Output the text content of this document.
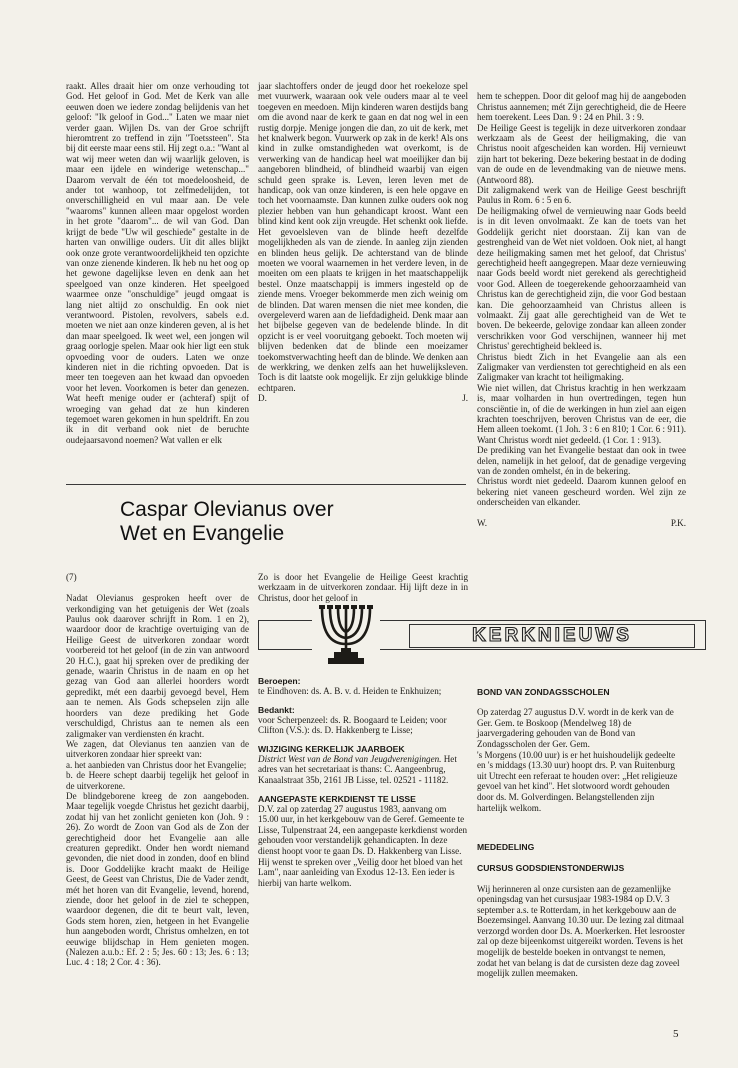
raakt. Alles draait hier om onze verhouding tot God. Het geloof in God. Met de Kerk van alle eeuwen doen we iedere zondag belijdenis van het geloof: "Ik geloof in God..." Laten we maar niet verder gaan. Wijlen Ds. van der Groe schrijft hieromtrent zo treffend in zijn "Toetssteen". Sta bij dit eerste maar eens stil. Hij zegt o.a.: "Want al wat wij meer weten dan wij waarlijk geloven, is maar een ijdele en winderige wetenschap..." Daarom vervalt de één tot moedeloosheid, de ander tot wanhoop, tot zelfmedelijden, tot onverschilligheid en vul maar aan. De vele "waaroms" kunnen alleen maar opgelost worden in het grote "daarom"... de wil van God. Dan krijgt de bede "Uw wil geschiede" gestalte in de harten van onwillige ouders. Uit dit alles blijkt ook onze grote verantwoordelijkheid ten opzichte van onze zienende kinderen. Ik heb nu het oog op het gewone dagelijkse leven en denk aan het speelgoed van onze kinderen. Het speelgoed waarmee onze "onschuldige" jeugd omgaat is lang niet altijd zo onschuldig. En ook niet verantwoord. Pistolen, revolvers, sabels e.d. moeten we niet aan onze kinderen geven, al is het dan maar speelgoed. Ik weet wel, een jongen wil graag oorlogje spelen. Maar ook hier ligt een stuk opvoeding voor de ouders. Laten we onze kinderen niet in die richting opvoeden. Dat is meer ten toegeven aan het kwaad dan opvoeden voor het leven. Voorkomen is beter dan genezen. Wat heeft menige ouder er (achteraf) spijt of wroeging van gehad dat ze hun kinderen tegemoet waren gekomen in hun speldrift. En zou ik in dit verband ook niet de beruchte oudejaarsavond noemen? Wat vallen er elk

jaar slachtoffers onder de jeugd door het roekeloze spel met vuurwerk, waaraan ook vele ouders maar al te veel toegeven en meedoen. Mijn kinderen waren destijds bang om die avond naar de kerk te gaan en dat nog wel in een rustig dorpje. Menige jongen die dan, zo uit de kerk, met het knalwerk begon. Vuurwerk op zak in de kerk! Als ons kind in zulke omstandigheden wat overkomt, is de verwerking van de handicap heel wat moeilijker dan bij aangeboren blindheid, of blindheid waarbij van eigen schuld geen sprake is. Leven, leren leven met de handicap, ook van onze kinderen, is een hele opgave en toch het voornaamste. Dan kunnen zulke ouders ook nog plezier hebben van hun gehandicapt kroost. Want een blind kind kent ook zijn vreugde. Het schenkt ook liefde. Het gevoelsleven van de blinde heeft dezelfde mogelijkheden als van de ziende. In aanleg zijn zienden en blinden heus gelijk. De achterstand van de blinde moeten we vooral waarnemen in het verdere leven, in de moeiten om een plaats te krijgen in het maatschappelijk bestel. Onze maatschappij is immers ingesteld op de ziende mens. Vroeger bekommerde men zich weinig om de blinden. Dat waren mensen die niet mee konden, die overgeleverd waren aan de liefdadigheid. Denk maar aan het bijbelse gegeven van de bedelende blinde. In dit opzicht is er veel vooruitgang geboekt. Toch moeten wij blijven bedenken dat de blinde een moeizamer toekomstverwachting heeft dan de blinde. We denken aan de werkkring, we denken zelfs aan het huwelijksleven. Toch is dit laatste ook mogelijk. Er zijn gelukkige blinde echtparen.

D.	J.
Caspar Olevianus over
Wet en Evangelie

(7)

Nadat Olevianus gesproken heeft over de verkondiging van het getuigenis der Wet (zoals Paulus ook daarover schrijft in Rom. 1 en 2), waardoor door de krachtige overtuiging van de Heilige Geest de uitverkoren zondaar wordt voorbereid tot het geloof (in de zin van antwoord 20 H.C.), gaat hij spreken over de prediking der genade, waarin Christus in de naam en op het gezag van God aan allerlei hoorders wordt gepredikt, mét een daarbij gevoegd bevel, Hem aan te nemen. Als Gods schepselen zijn alle hoorders van deze prediking het Gode verschuldigd, Christus aan te nemen als een zaligmaker van verdiensten én kracht.
We zagen, dat Olevianus ten aanzien van de uitverkoren zondaar hier spreekt van:
a. het aanbieden van Christus door het Evangelie;
b. de Heere schept daarbij tegelijk het geloof in de uitverkorene.
De blindgeborene kreeg de zon aangeboden. Maar tegelijk voegde Christus het gezicht daarbij, zodat hij van het zonlicht genieten kon (Joh. 9 : 26). Zo wordt de Zoon van God als de Zon der gerechtigheid door het Evangelie aan alle creaturen gepredikt. Onder hen wordt niemand gevonden, die niet dood in zonden, doof en blind is. Door Goddelijke kracht maakt de Heilige Geest, de Geest van Christus, Die de Vader zendt, mét het horen van dit Evangelie, levend, horend, ziende, door het geloof in de ziel te scheppen, waardoor degenen, die dit te beurt valt, leven, Gods stem horen, zien, hetgeen in het Evangelie hun aangeboden wordt, Christus omhelzen, en tot eeuwige blijdschap in Hem genieten mogen. (Nalezen a.u.b.: Ef. 2 : 5; Jes. 60 : 13; Jes. 6 : 13; Luc. 4 : 18; 2 Cor. 4 : 36).

Zo is door het Evangelie de Heilige Geest krachtig werkzaam in de uitverkoren zondaar. Hij lijft deze in in Christus, door het geloof in

hem te scheppen. Door dit geloof mag hij de aangeboden Christus aannemen; mét Zijn gerechtigheid, die de Heere hem toerekent. Lees Dan. 9 : 24 en Phil. 3 : 9.
De Heilige Geest is tegelijk in deze uitverkoren zondaar werkzaam als de Geest der heiligmaking, die van Christus nooit afgescheiden kan worden. Hij vernieuwt zijn hart tot bekering. Deze bekering bestaat in de doding van de oude en de levendmaking van de nieuwe mens. (Antwoord 88).
Dit zaligmakend werk van de Heilige Geest beschrijft Paulus in Rom. 6 : 5 en 6.
De heiligmaking ofwel de vernieuwing naar Gods beeld is in dit leven onvolmaakt. Ze kan de toets van het Goddelijk gericht niet doorstaan. Zij kan van de gestrengheid van de Wet niet voldoen. Ook niet, al hangt deze heiligmaking samen met het geloof, dat Christus' gerechtigheid heeft aangegrepen. Maar deze vernieuwing naar Gods beeld wordt niet gerekend als gerechtigheid voor God. Alleen de toegerekende gehoorzaamheid van Christus kan de gerechtigheid zijn, die voor God bestaan kan. Die gehoorzaamheid van Christus alleen is volmaakt. Zij gaat alle gerechtigheid van de Wet te boven. De bekeerde, gelovige zondaar kan alleen zonder verschrikken voor God verschijnen, wanneer hij met Christus' gerechtigheid bekleed is.
Christus biedt Zich in het Evangelie aan als een Zaligmaker van verdiensten tot gerechtigheid en als een Zaligmaker van kracht tot heiligmaking.
Wie niet willen, dat Christus krachtig in hen werkzaam is, maar volharden in hun overtredingen, tegen hun consciëntie in, of die de werkingen in hun ziel aan eigen krachten toeschrijven, beroven Christus van de eer, die Hem alleen toekomt. (1 Joh. 3 : 6 en 810; 1 Cor. 6 : 911). Want Christus wordt niet gedeeld. (1 Cor. 1 : 913).
De prediking van het Evangelie bestaat dan ook in twee delen, namelijk in het geloof, dat de genadige vergeving van de zonden omhelst, én in de bekering.
Christus wordt niet gedeeld. Daarom kunnen geloof en bekering niet vaneen gescheurd worden. Wel zijn ze onderscheiden van elkander.

W.	P.K.

KERKNIEUWS

Beroepen:

te Eindhoven: ds. A. B. v. d. Heiden te Enkhuizen;

Bedankt:

voor Scherpenzeel: ds. R. Boogaard te Leiden; voor Clifton (V.S.): ds. D. Hakkenberg te Lisse;

WIJZIGING KERKELIJK JAARBOEK

District West van de Bond van Jeugdverenigingen. Het adres van het secretariaat is thans: C. Aangeenbrug, Kanaalstraat 35b, 2161 JB Lisse, tel. 02521 - 11182.

AANGEPASTE KERKDIENST TE LISSE

D.V. zal op zaterdag 27 augustus 1983, aanvang om 15.00 uur, in het kerkgebouw van de Geref. Gemeente te Lisse, Tulpenstraat 24, een aangepaste kerkdienst worden gehouden voor verstandelijk gehandicapten. In deze dienst hoopt voor te gaan Ds. D. Hakkenberg van Lisse. Hij wenst te spreken over „Veilig door het bloed van het Lam", naar aanleiding van Exodus 12-13. Een ieder is hierbij van harte welkom.

BOND VAN ZONDAGSSCHOLEN

Op zaterdag 27 augustus D.V. wordt in de kerk van de Ger. Gem. te Boskoop (Mendelweg 18) de jaarvergadering gehouden van de Bond van Zondagsscholen der Ger. Gem.
's Morgens (10.00 uur) is er het huishoudelijk gedeelte en 's middags (13.30 uur) hoopt drs. P. van Ruitenburg uit Utrecht een referaat te houden over: „Het religieuze gevoel van het kind". Het slotwoord wordt gehouden door ds. M. Golverdingen. Belangstellenden zijn hartelijk welkom.

MEDEDELING

CURSUS GODSDIENSTONDERWIJS

Wij herinneren al onze cursisten aan de gezamenlijke openingsdag van het cursusjaar 1983-1984 op D.V. 3 september a.s. te Rotterdam, in het kerkgebouw aan de Boezemsingel. Aanvang 10.30 uur. De lezing zal ditmaal verzorgd worden door Ds. A. Moerkerken. Het lesrooster zal op deze bijeenkomst uitgereikt worden. Tevens is het mogelijk de bestelde boeken in ontvangst te nemen, zodat het van belang is dat de cursisten deze dag zoveel mogelijk zullen meemaken.

5
